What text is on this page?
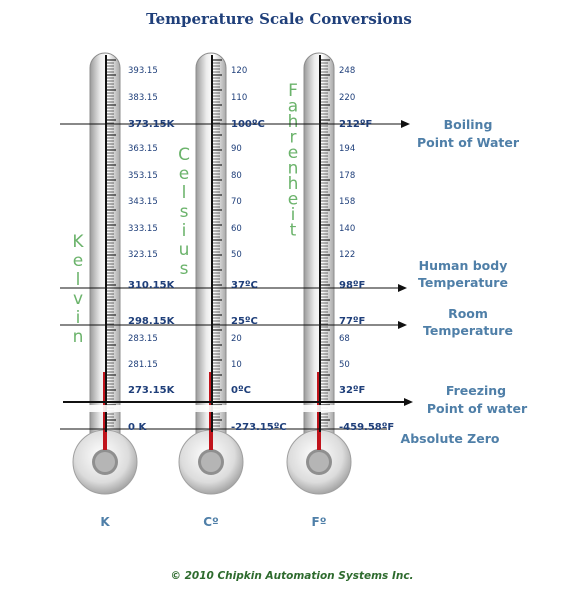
Temperature Scale Conversions
K e l v i n
C e l s i u s
F a h r e n h e i t
373.15K	100ºC	212ºF
310.15K	37ºC	98ºF
298.15K	25ºC	77ºF
273.15K	0ºC	32ºF
0 K	-273.15ºC	-459.58ºF
393.15
383.15
363.15
353.15
343.15
333.15
323.15
283.15
281.15
120
110
90
80
70
60
50
20
10
248
220
194
178
158
140
122
68
50
Boiling
Point of Water
Human body
Temperature
Room
Temperature
Freezing
Point of water
Absolute Zero
K	Cº	Fº
© 2010 Chipkin Automation Systems Inc.
